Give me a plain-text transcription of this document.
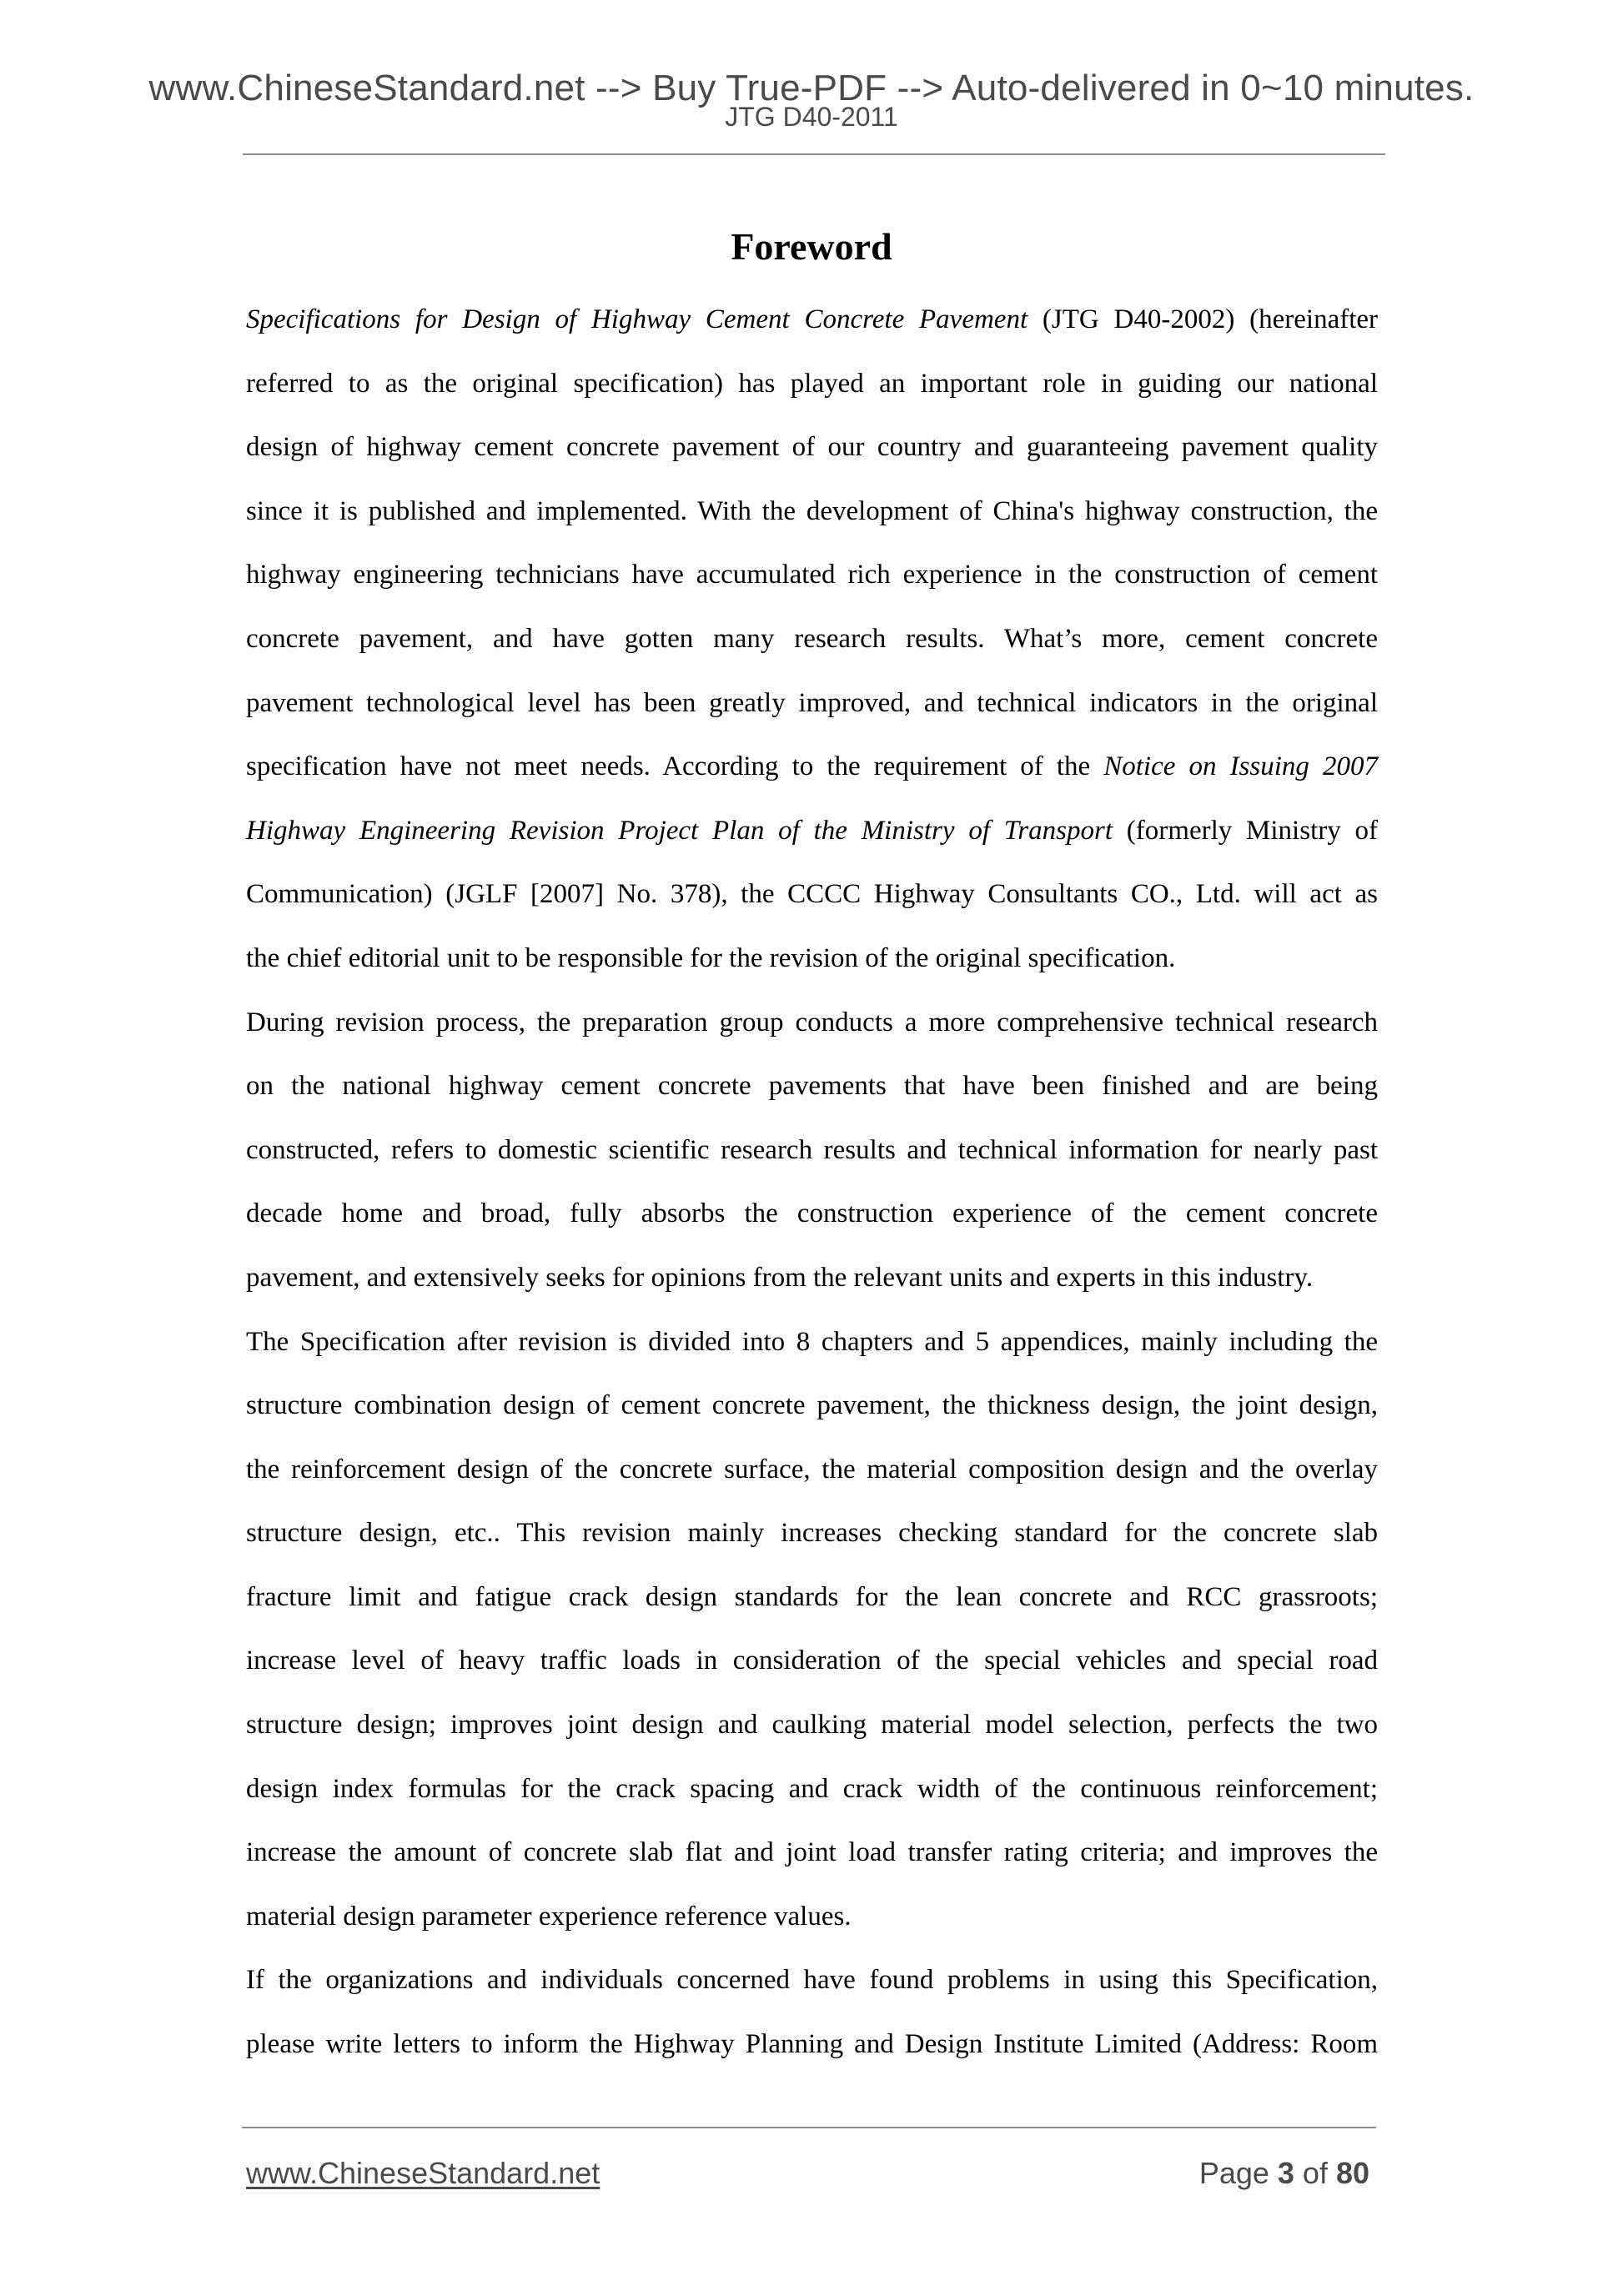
www.ChineseStandard.net --> Buy True-PDF --> Auto-delivered in 0~10 minutes.
JTG D40-2011
Foreword
Specifications for Design of Highway Cement Concrete Pavement (JTG D40-2002) (hereinafter
referred to as the original specification) has played an important role in guiding our national
design of highway cement concrete pavement of our country and guaranteeing pavement quality
since it is published and implemented. With the development of China's highway construction, the
highway engineering technicians have accumulated rich experience in the construction of cement
concrete pavement, and have gotten many research results. What’s more, cement concrete
pavement technological level has been greatly improved, and technical indicators in the original
specification have not meet needs. According to the requirement of the Notice on Issuing 2007
Highway Engineering Revision Project Plan of the Ministry of Transport (formerly Ministry of
Communication) (JGLF [2007] No. 378), the CCCC Highway Consultants CO., Ltd. will act as
the chief editorial unit to be responsible for the revision of the original specification.
During revision process, the preparation group conducts a more comprehensive technical research
on the national highway cement concrete pavements that have been finished and are being
constructed, refers to domestic scientific research results and technical information for nearly past
decade home and broad, fully absorbs the construction experience of the cement concrete
pavement, and extensively seeks for opinions from the relevant units and experts in this industry.
The Specification after revision is divided into 8 chapters and 5 appendices, mainly including the
structure combination design of cement concrete pavement, the thickness design, the joint design,
the reinforcement design of the concrete surface, the material composition design and the overlay
structure design, etc.. This revision mainly increases checking standard for the concrete slab
fracture limit and fatigue crack design standards for the lean concrete and RCC grassroots;
increase level of heavy traffic loads in consideration of the special vehicles and special road
structure design; improves joint design and caulking material model selection, perfects the two
design index formulas for the crack spacing and crack width of the continuous reinforcement;
increase the amount of concrete slab flat and joint load transfer rating criteria; and improves the
material design parameter experience reference values.
If the organizations and individuals concerned have found problems in using this Specification,
please write letters to inform the Highway Planning and Design Institute Limited (Address: Room
www.ChineseStandard.net	Page 3 of 80
